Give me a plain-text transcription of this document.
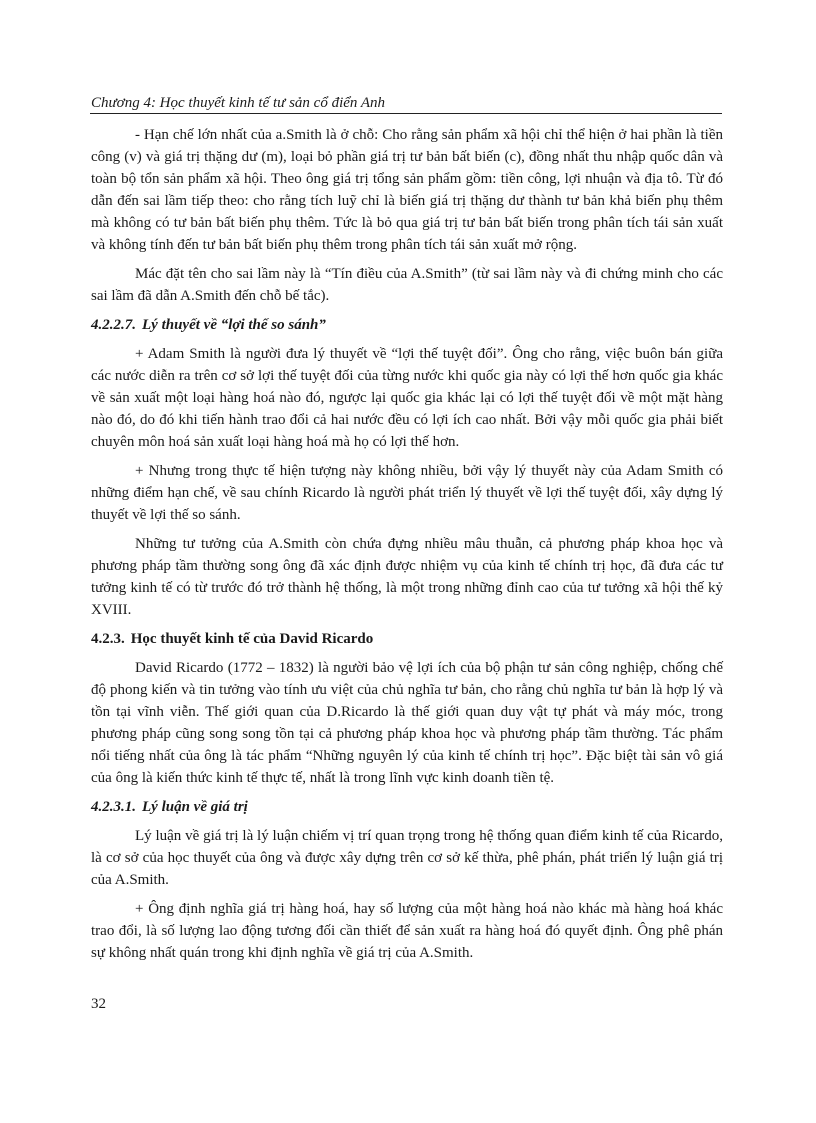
Chương 4: Học thuyết kinh tế tư sản cổ điển Anh

- Hạn chế lớn nhất của a.Smith là ở chỗ: Cho rằng sản phẩm xã hội chỉ thể hiện ở hai phần là tiền công (v) và giá trị thặng dư (m), loại bỏ phần giá trị tư bản bất biến (c), đồng nhất thu nhập quốc dân và toàn bộ tổn sản phẩm xã hội. Theo ông giá trị tổng sản phẩm gồm: tiền công, lợi nhuận và địa tô. Từ đó dẫn đến sai lầm tiếp theo: cho rằng tích luỹ chỉ là biến giá trị thặng dư thành tư bản khả biến phụ thêm mà không có tư bản bất biến phụ thêm. Tức là bỏ qua giá trị tư bản bất biến trong phân tích tái sản xuất và không tính đến tư bản bất biến phụ thêm trong phân tích tái sản xuất mở rộng.

Mác đặt tên cho sai lầm này là “Tín điều của A.Smith” (từ sai lầm này và đi chứng minh cho các sai lầm đã dẫn A.Smith đến chỗ bế tắc).

4.2.2.7. Lý thuyết về “lợi thế so sánh”

+ Adam Smith là người đưa lý thuyết về “lợi thế tuyệt đối”. Ông cho rằng, việc buôn bán giữa các nước diễn ra trên cơ sở lợi thế tuyệt đối của từng nước khi quốc gia này có lợi thế hơn quốc gia khác về sản xuất một loại hàng hoá nào đó, ngược lại quốc gia khác lại có lợi thế tuyệt đối về một mặt hàng nào đó, do đó khi tiến hành trao đổi cả hai nước đều có lợi ích cao nhất. Bởi vậy mỗi quốc gia phải biết chuyên môn hoá sản xuất loại hàng hoá mà họ có lợi thế hơn.

+ Nhưng trong thực tế hiện tượng này không nhiều, bởi vậy lý thuyết này của Adam Smith có những điểm hạn chế, về sau chính Ricardo là người phát triển lý thuyết về lợi thế tuyệt đối, xây dựng lý thuyết về lợi thế so sánh.

Những tư tưởng của A.Smith còn chứa đựng nhiều mâu thuẫn, cả phương pháp khoa học và phương pháp tầm thường song ông đã xác định được nhiệm vụ của kinh tế chính trị học, đã đưa các tư tưởng kinh tế có từ trước đó trở thành hệ thống, là một trong những đỉnh cao của tư tưởng xã hội thế kỷ XVIII.

4.2.3. Học thuyết kinh tế của David Ricardo

David Ricardo (1772 – 1832) là người bảo vệ lợi ích của bộ phận tư sản công nghiệp, chống chế độ phong kiến và tin tưởng vào tính ưu việt của chủ nghĩa tư bản, cho rằng chủ nghĩa tư bản là hợp lý và tồn tại vĩnh viễn. Thế giới quan của D.Ricardo là thế giới quan duy vật tự phát và máy móc, trong phương pháp cũng song song tồn tại cả phương pháp khoa học và phương pháp tầm thường. Tác phẩm nổi tiếng nhất của ông là tác phẩm “Những nguyên lý của kinh tế chính trị học”. Đặc biệt tài sản vô giá của ông là kiến thức kinh tế thực tế, nhất là trong lĩnh vực kinh doanh tiền tệ.

4.2.3.1. Lý luận về giá trị

Lý luận về giá trị là lý luận chiếm vị trí quan trọng trong hệ thống quan điểm kinh tế của Ricardo, là cơ sở của học thuyết của ông và được xây dựng trên cơ sở kế thừa, phê phán, phát triển lý luận giá trị của A.Smith.

+ Ông định nghĩa giá trị hàng hoá, hay số lượng của một hàng hoá nào khác mà hàng hoá khác trao đổi, là số lượng lao động tương đối cần thiết để sản xuất ra hàng hoá đó quyết định. Ông phê phán sự không nhất quán trong khi định nghĩa về giá trị của A.Smith.

32
